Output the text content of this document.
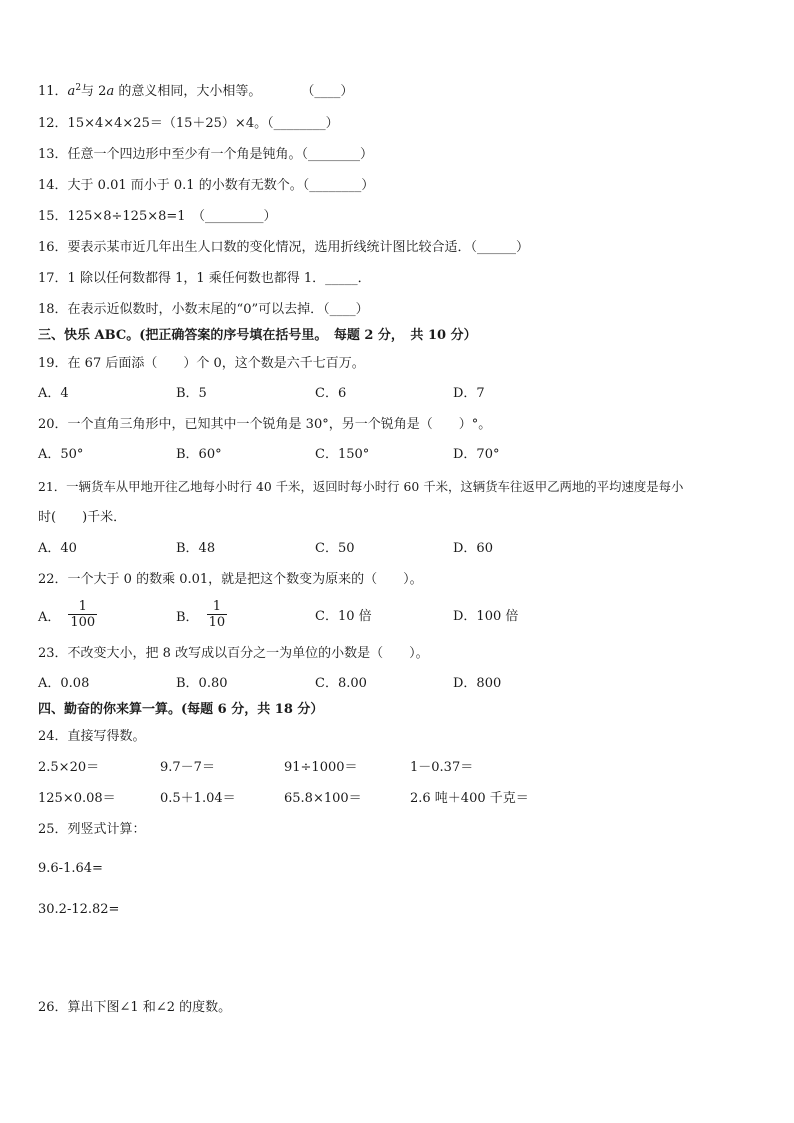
11．$a^2$与 2a 的意义相同，大小相等。	（____）
12．15×4×4×25＝（15＋25）×4。（________）
13．任意一个四边形中至少有一个角是钝角。（________）
14．大于 0.01 而小于 0.1 的小数有无数个。（________）
15．125×8÷125×8=1　（_________）
16．要表示某市近几年出生人口数的变化情况，选用折线统计图比较合适．（______）
17．1 除以任何数都得 1，1 乘任何数也都得 1．_____．
18．在表示近似数时，小数末尾的“0”可以去掉．（____）
三、快乐 ABC。(把正确答案的序号填在括号里。　每题 2 分，　共 10 分）
19．在 67 后面添（　　）个 0，这个数是六千七百万。
A．4	B．5	C．6	D．7
20．一个直角三角形中，已知其中一个锐角是 30°，另一个锐角是（　　）°。
A．50°	B．60°	C．150°	D．70°
21．一辆货车从甲地开往乙地每小时行 40 千米，返回时每小时行 60 千米，这辆货车往返甲乙两地的平均速度是每小
时(　　)千米．
A．40	B．48	C．50	D．60
22．一个大于 0 的数乘 0.01，就是把这个数变为原来的（　　）。
A． $\frac{1}{100}$	B． $\frac{1}{10}$	C．10 倍	D．100 倍
23．不改变大小，把 8 改写成以百分之一为单位的小数是（　　）。
A．0.08	B．0.80	C．8.00	D．800
四、勤奋的你来算一算。(每题 6 分，共 18 分）
24．直接写得数。
2.5×20＝	9.7－7＝	91÷1000＝	1－0.37＝
125×0.08＝	0.5＋1.04＝	65.8×100＝	2.6 吨＋400 千克＝
25．列竖式计算：
9.6-1.64=
30.2-12.82=
26．算出下图∠1 和∠2 的度数。
